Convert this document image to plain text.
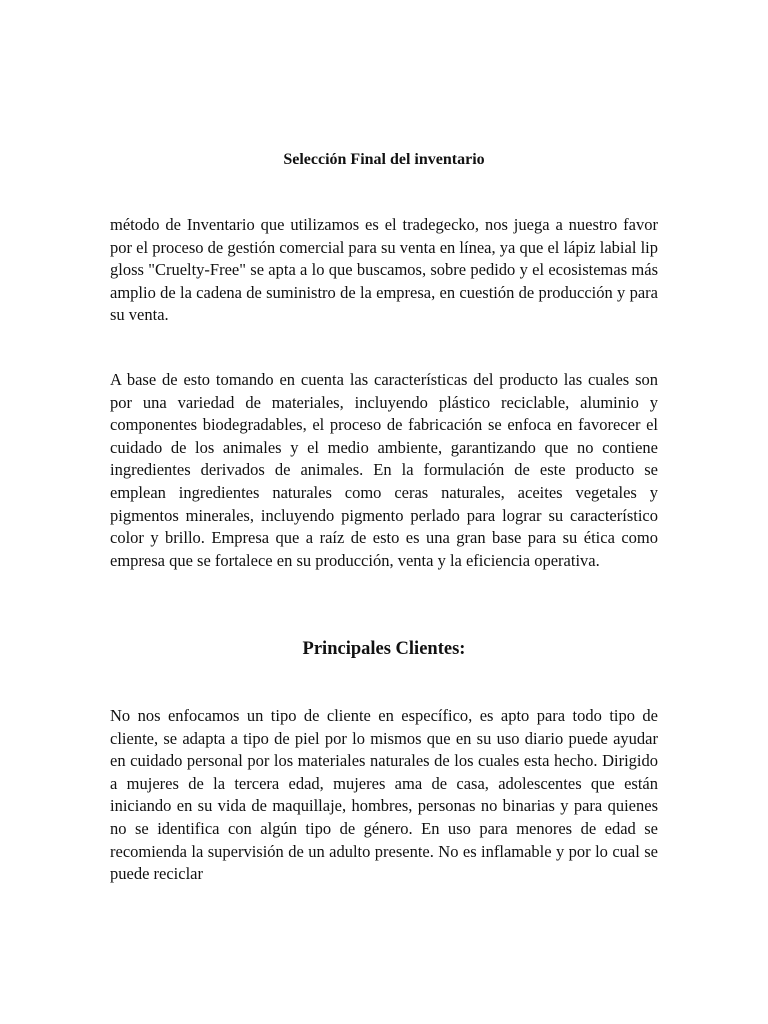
Selección Final del inventario

método de Inventario que utilizamos es el tradegecko, nos juega a nuestro favor por el proceso de gestión comercial para su venta en línea, ya que el lápiz labial lip gloss "Cruelty-Free" se apta a lo que buscamos, sobre pedido y el ecosistemas más amplio de la cadena de suministro de la empresa, en cuestión de producción y para su venta.

A base de esto tomando en cuenta las características del producto las cuales son por una variedad de materiales, incluyendo plástico reciclable, aluminio y componentes biodegradables, el proceso de fabricación se enfoca en favorecer el cuidado de los animales y el medio ambiente, garantizando que no contiene ingredientes derivados de animales. En la formulación de este producto se emplean ingredientes naturales como ceras naturales, aceites vegetales y pigmentos minerales, incluyendo pigmento perlado para lograr su característico color y brillo. Empresa que a raíz de esto es una gran base para su ética como empresa que se fortalece en su producción, venta y la eficiencia operativa.

Principales Clientes:

No nos enfocamos un tipo de cliente en específico, es apto para todo tipo de cliente, se adapta a tipo de piel por lo mismos que en su uso diario puede ayudar en cuidado personal por los materiales naturales de los cuales esta hecho. Dirigido a mujeres de la tercera edad, mujeres ama de casa, adolescentes que están iniciando en su vida de maquillaje, hombres, personas no binarias y para quienes no se identifica con algún tipo de género. En uso para menores de edad se recomienda la supervisión de un adulto presente. No es inflamable y por lo cual se puede reciclar
